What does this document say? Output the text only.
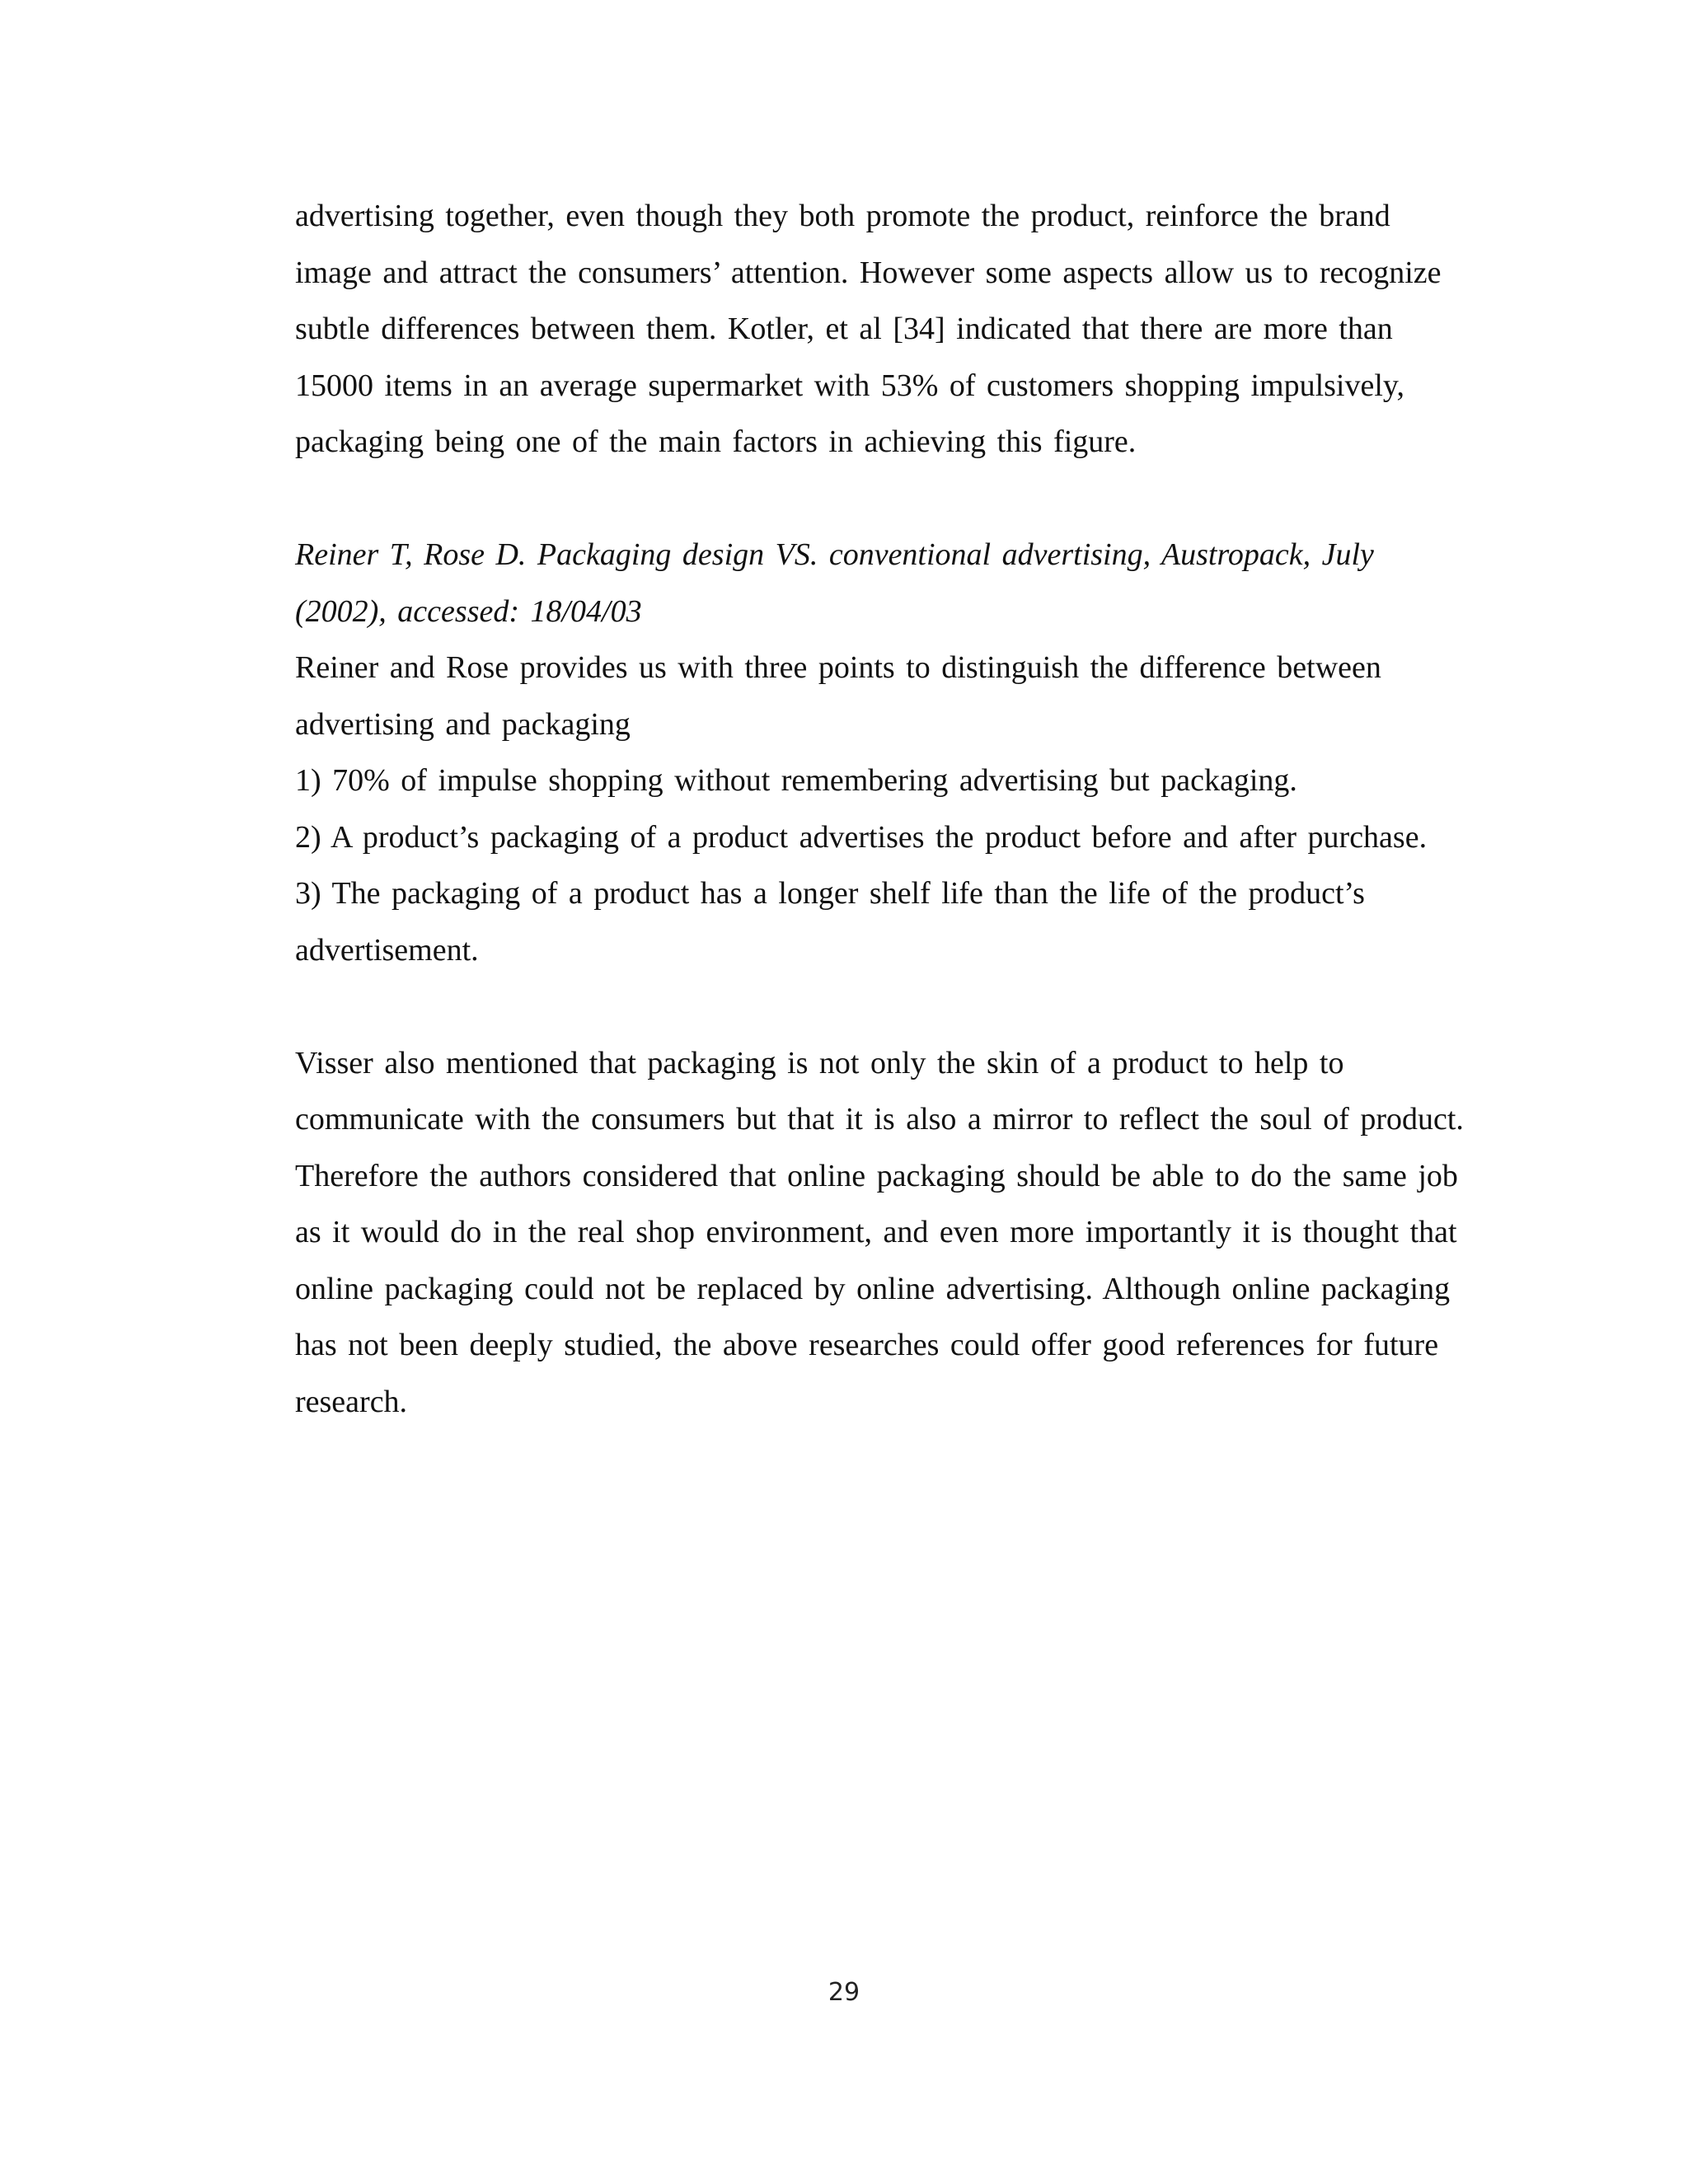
advertising together, even though they both promote the product, reinforce the brand
image and attract the consumers’ attention. However some aspects allow us to recognize
subtle differences between them. Kotler, et al [34] indicated that there are more than
15000 items in an average supermarket with 53% of customers shopping impulsively,
packaging being one of the main factors in achieving this figure.
Reiner T, Rose D. Packaging design VS. conventional advertising, Austropack, July
(2002), accessed: 18/04/03
Reiner and Rose provides us with three points to distinguish the difference between
advertising and packaging
1) 70% of impulse shopping without remembering advertising but packaging.
2) A product’s packaging of a product advertises the product before and after purchase.
3) The packaging of a product has a longer shelf life than the life of the product’s
advertisement.
Visser also mentioned that packaging is not only the skin of a product to help to
communicate with the consumers but that it is also a mirror to reflect the soul of product.
Therefore the authors considered that online packaging should be able to do the same job
as it would do in the real shop environment, and even more importantly it is thought that
online packaging could not be replaced by online advertising. Although online packaging
has not been deeply studied, the above researches could offer good references for future
research.
29
